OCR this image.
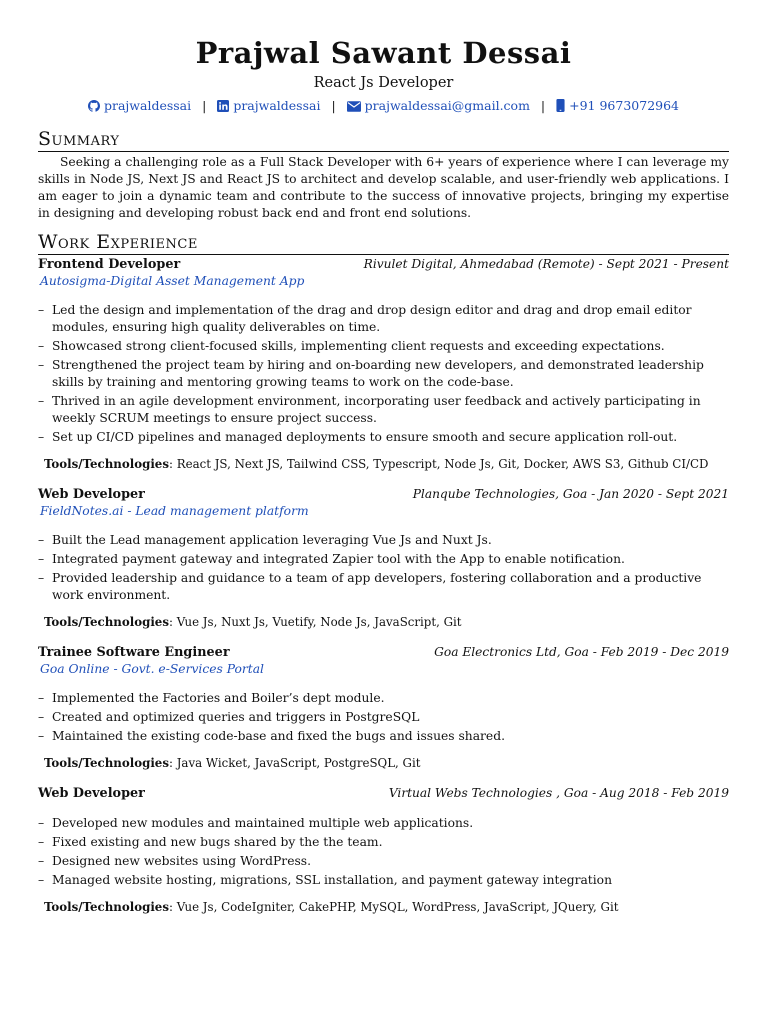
Prajwal Sawant Dessai
React Js Developer
prajwaldessai | prajwaldessai | prajwaldessai@gmail.com | +91 9673072964
Summary

Seeking a challenging role as a Full Stack Developer with 6+ years of experience where I can leverage my skills in Node JS, Next JS and React JS to architect and develop scalable, and user-friendly web applications. I am eager to join a dynamic team and contribute to the success of innovative projects, bringing my expertise in designing and developing robust back end and front end solutions.

Work Experience
Frontend Developer	Rivulet Digital, Ahmedabad (Remote) - Sept 2021 - Present
Autosigma-Digital Asset Management App
– Led the design and implementation of the drag and drop design editor and drag and drop email editor modules, ensuring high quality deliverables on time.
– Showcased strong client-focused skills, implementing client requests and exceeding expectations.
– Strengthened the project team by hiring and on-boarding new developers, and demonstrated leadership skills by training and mentoring growing teams to work on the code-base.
– Thrived in an agile development environment, incorporating user feedback and actively participating in weekly SCRUM meetings to ensure project success.
– Set up CI/CD pipelines and managed deployments to ensure smooth and secure application roll-out.
Tools/Technologies: React JS, Next JS, Tailwind CSS, Typescript, Node Js, Git, Docker, AWS S3, Github CI/CD
Web Developer	Planqube Technologies, Goa - Jan 2020 - Sept 2021
FieldNotes.ai - Lead management platform
– Built the Lead management application leveraging Vue Js and Nuxt Js.
– Integrated payment gateway and integrated Zapier tool with the App to enable notification.
– Provided leadership and guidance to a team of app developers, fostering collaboration and a productive work environment.
Tools/Technologies: Vue Js, Nuxt Js, Vuetify, Node Js, JavaScript, Git
Trainee Software Engineer	Goa Electronics Ltd, Goa - Feb 2019 - Dec 2019
Goa Online - Govt. e-Services Portal
– Implemented the Factories and Boiler’s dept module.
– Created and optimized queries and triggers in PostgreSQL
– Maintained the existing code-base and fixed the bugs and issues shared.
Tools/Technologies: Java Wicket, JavaScript, PostgreSQL, Git
Web Developer	Virtual Webs Technologies , Goa - Aug 2018 - Feb 2019
– Developed new modules and maintained multiple web applications.
– Fixed existing and new bugs shared by the the team.
– Designed new websites using WordPress.
– Managed website hosting, migrations, SSL installation, and payment gateway integration
Tools/Technologies: Vue Js, CodeIgniter, CakePHP, MySQL, WordPress, JavaScript, JQuery, Git
